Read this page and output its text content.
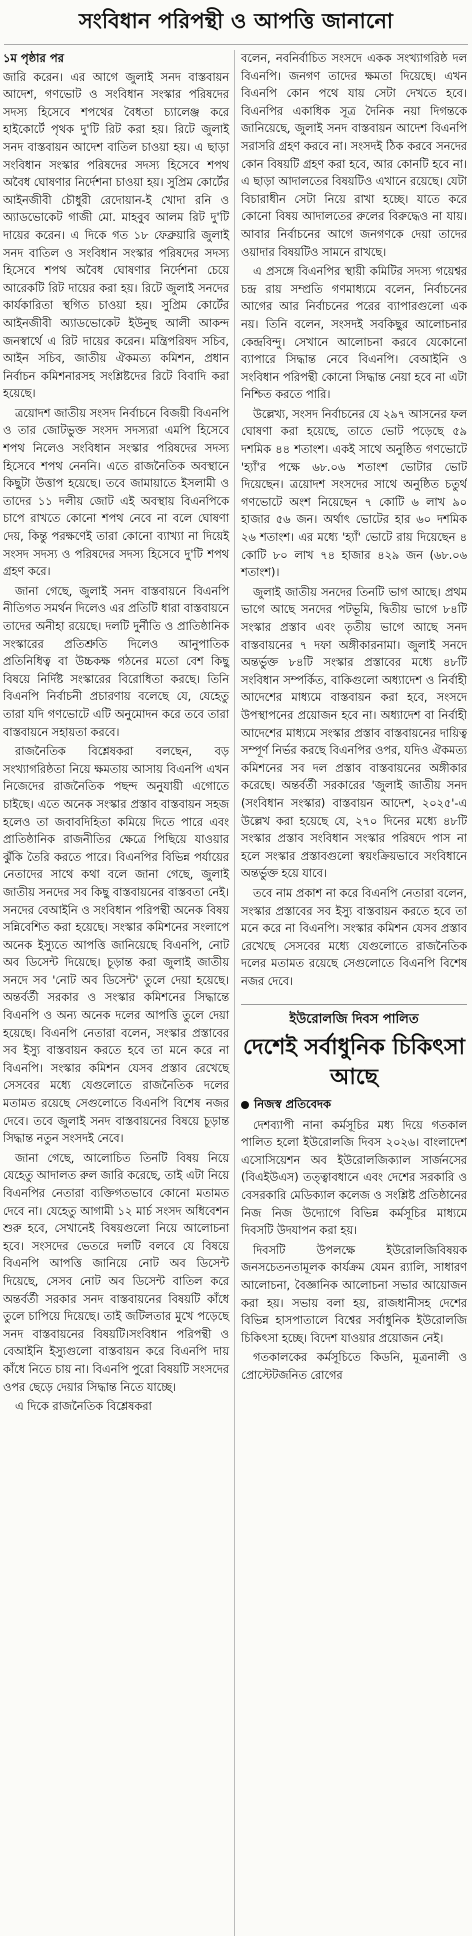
সংবিধান পরিপন্থী ও আপত্তি জানানো
১ম পৃষ্ঠার পর

জারি করেন। এর আগে জুলাই সনদ বাস্তবায়ন আদেশ, গণভোট ও সংবিধান সংস্কার পরিষদের সদস্য হিসেবে শপথের বৈধতা চ্যালেঞ্জ করে হাইকোর্টে পৃথক দু'টি রিট করা হয়। রিটে জুলাই সনদ বাস্তবায়ন আদেশ বাতিল চাওয়া হয়। এ ছাড়া সংবিধান সংস্কার পরিষদের সদস্য হিসেবে শপথ অবৈধ ঘোষণার নির্দেশনা চাওয়া হয়। সুপ্রিম কোর্টের আইনজীবী চৌধুরী রেদোয়ান-ই খোদা রনি ও অ্যাডভোকেট গাজী মো. মাহবুব আলম রিট দু'টি দায়ের করেন। এ দিকে গত ১৮ ফেব্রুয়ারি জুলাই সনদ বাতিল ও সংবিধান সংস্কার পরিষদের সদস্য হিসেবে শপথ অবৈধ ঘোষণার নির্দেশনা চেয়ে আরেকটি রিট দায়ের করা হয়। রিটে জুলাই সনদের কার্যকারিতা স্থগিত চাওয়া হয়। সুপ্রিম কোর্টের আইনজীবী অ্যাডভোকেট ইউনুছ আলী আকন্দ জনস্বার্থে এ রিট দায়ের করেন। মন্ত্রিপরিষদ সচিব, আইন সচিব, জাতীয় ঐকমত্য কমিশন, প্রধান নির্বাচন কমিশনারসহ সংশ্লিষ্টদের রিটে বিবাদি করা হয়েছে।

ত্রয়োদশ জাতীয় সংসদ নির্বাচনে বিজয়ী বিএনপি ও তার জোটভুক্ত সংসদ সদস্যরা এমপি হিসেবে শপথ নিলেও সংবিধান সংস্কার পরিষদের সদস্য হিসেবে শপথ নেননি। এতে রাজনৈতিক অবস্থানে কিছুটা উত্তাপ হয়েছে। তবে জামায়াতে ইসলামী ও তাদের ১১ দলীয় জোট এই অবস্থায় বিএনপিকে চাপে রাখতে কোনো শপথ নেবে না বলে ঘোষণা দেয়, কিন্তু পরক্ষণেই তারা কোনো ব্যাখ্যা না দিয়েই সংসদ সদস্য ও পরিষদের সদস্য হিসেবে দু'টি শপথ গ্রহণ করে।

জানা গেছে, জুলাই সনদ বাস্তবায়নে বিএনপি নীতিগত সমর্থন দিলেও এর প্রতিটি ধারা বাস্তবায়নে তাদের অনীহা রয়েছে। দলটি দুর্নীতি ও প্রাতিষ্ঠানিক সংস্কারের প্রতিশ্রুতি দিলেও আনুপাতিক প্রতিনিধিত্ব বা উচ্চকক্ষ গঠনের মতো বেশ কিছু বিষয়ে নির্দিষ্ট সংস্কারের বিরোধিতা করছে। তিনি বিএনপি নির্বাচনী প্রচারণায় বলেছে যে, যেহেতু তারা যদি গণভোটে এটি অনুমোদন করে তবে তারা বাস্তবায়নে সহায়তা করবে।

রাজনৈতিক বিশ্লেষকরা বলছেন, বড় সংখ্যাগরিষ্ঠতা নিয়ে ক্ষমতায় আসায় বিএনপি এখন নিজেদের রাজনৈতিক পছন্দ অনুযায়ী এগোতে চাইছে। এতে অনেক সংস্কার প্রস্তাব বাস্তবায়ন সহজ হলেও তা জবাবদিহিতা কমিয়ে দিতে পারে এবং প্রাতিষ্ঠানিক রাজনীতির ক্ষেত্রে পিছিয়ে যাওয়ার ঝুঁকি তৈরি করতে পারে। বিএনপির বিভিন্ন পর্যায়ের নেতাদের সাথে কথা বলে জানা গেছে, জুলাই জাতীয় সনদের সব কিছু বাস্তবায়নের বাস্তবতা নেই। সনদের বেআইনি ও সংবিধান পরিপন্থী অনেক বিষয় সন্নিবেশিত করা হয়েছে। সংস্কার কমিশনের সংলাপে অনেক ইস্যুতে আপত্তি জানিয়েছে বিএনপি, নোট অব ডিসেন্ট দিয়েছে। চূড়ান্ত করা জুলাই জাতীয় সনদে সব 'নোট অব ডিসেন্ট' তুলে দেয়া হয়েছে। অন্তর্বর্তী সরকার ও সংস্কার কমিশনের সিদ্ধান্তে বিএনপি ও অন্য অনেক দলের আপত্তি তুলে দেয়া হয়েছে। বিএনপি নেতারা বলেন, সংস্কার প্রস্তাবের সব ইস্যু বাস্তবায়ন করতে হবে তা মনে করে না বিএনপি। সংস্কার কমিশন যেসব প্রস্তাব রেখেছে সেসবের মধ্যে যেগুলোতে রাজনৈতিক দলের মতামত রয়েছে সেগুলোতে বিএনপি বিশেষ নজর দেবে। তবে জুলাই সনদ বাস্তবায়নের বিষয়ে চূড়ান্ত সিদ্ধান্ত নতুন সংসদই নেবে।

জানা গেছে, আলোচিত তিনটি বিষয় নিয়ে যেহেতু আদালত রুল জারি করেছে, তাই এটা নিয়ে বিএনপির নেতারা ব্যক্তিগতভাবে কোনো মতামত দেবে না। যেহেতু আগামী ১২ মার্চ সংসদ অধিবেশন শুরু হবে, সেখানেই বিষয়গুলো নিয়ে আলোচনা হবে। সংসদের ভেতরে দলটি বলবে যে বিষয়ে বিএনপি আপত্তি জানিয়ে নোট অব ডিসেন্ট দিয়েছে, সেসব নোট অব ডিসেন্ট বাতিল করে অন্তর্বর্তী সরকার সনদ বাস্তবায়নের বিষয়টি কাঁধে তুলে চাপিয়ে দিয়েছে। তাই জটিলতার মুখে পড়েছে সনদ বাস্তবায়নের বিষয়টি।সংবিধান পরিপন্থী ও বেআইনি ইস্যুগুলো বাস্তবায়ন করে বিএনপি দায় কাঁধে নিতে চায় না। বিএনপি পুরো বিষয়টি সংসদের ওপর ছেড়ে দেয়ার সিদ্ধান্ত নিতে যাচ্ছে।

এ দিকে রাজনৈতিক বিশ্লেষকরা

বলেন, নবনির্বাচিত সংসদে একক সংখ্যাগরিষ্ঠ দল বিএনপি। জনগণ তাদের ক্ষমতা দিয়েছে। এখন বিএনপি কোন পথে যায় সেটা দেখতে হবে। বিএনপির একাধিক সূত্র দৈনিক নয়া দিগন্তকে জানিয়েছে, জুলাই সনদ বাস্তবায়ন আদেশ বিএনপি সরাসরি গ্রহণ করবে না। সংসদই ঠিক করবে সনদের কোন বিষয়টি গ্রহণ করা হবে, আর কোনটি হবে না। এ ছাড়া আদালতের বিষয়টিও এখানে রয়েছে। যেটা বিচারাধীন সেটা নিয়ে রাখা হচ্ছে। যাতে করে কোনো বিষয় আদালতের রুলের বিরুদ্ধেও না যায়। আবার নির্বাচনের আগে জনগণকে দেয়া তাদের ওয়াদার বিষয়টিও সামনে রাখছে।

এ প্রসঙ্গে বিএনপির স্থায়ী কমিটির সদস্য গয়েশ্বর চন্দ্র রায় সম্প্রতি গণমাধ্যমে বলেন, নির্বাচনের আগের আর নির্বাচনের পরের ব্যাপারগুলো এক নয়। তিনি বলেন, সংসদই সবকিছুর আলোচনার কেন্দ্রবিন্দু। সেখানে আলোচনা করবে যেকোনো ব্যাপারে সিদ্ধান্ত নেবে বিএনপি। বেআইনি ও সংবিধান পরিপন্থী কোনো সিদ্ধান্ত নেয়া হবে না এটা নিশ্চিত করতে পারি।

উল্লেখ্য, সংসদ নির্বাচনের যে ২৯৭ আসনের ফল ঘোষণা করা হয়েছে, তাতে ভোট পড়েছে ৫৯ দশমিক ৪৪ শতাংশ। একই সাথে অনুষ্ঠিত গণভোটে 'হ্যাঁ'র পক্ষে ৬৮.০৬ শতাংশ ভোটার ভোট দিয়েছেন। ত্রয়োদশ সংসদের সাথে অনুষ্ঠিত চতুর্থ গণভোটে অংশ নিয়েছেন ৭ কোটি ৬ লাখ ৯০ হাজার ৫৬ জন। অর্থাৎ ভোটের হার ৬০ দশমিক ২৬ শতাংশ। এর মধ্যে 'হ্যাঁ' ভোটে রায় দিয়েছেন ৪ কোটি ৮০ লাখ ৭৪ হাজার ৪২৯ জন (৬৮.০৬ শতাংশ)।

জুলাই জাতীয় সনদের তিনটি ভাগ আছে। প্রথম ভাগে আছে সনদের পটভূমি, দ্বিতীয় ভাগে ৮৪টি সংস্কার প্রস্তাব এবং তৃতীয় ভাগে আছে সনদ বাস্তবায়নের ৭ দফা অঙ্গীকারনামা। জুলাই সনদে অন্তর্ভুক্ত ৮৪টি সংস্কার প্রস্তাবের মধ্যে ৪৮টি সংবিধান সম্পর্কিত, বাকিগুলো অধ্যাদেশ ও নির্বাহী আদেশের মাধ্যমে বাস্তবায়ন করা হবে, সংসদে উপস্থাপনের প্রয়োজন হবে না। অধ্যাদেশ বা নির্বাহী আদেশের মাধ্যমে সংস্কার প্রস্তাব বাস্তবায়নের দায়িত্ব সম্পূর্ণ নির্ভর করছে বিএনপির ওপর, যদিও ঐকমত্য কমিশনের সব দল প্রস্তাব বাস্তবায়নের অঙ্গীকার করেছে। অন্তর্বর্তী সরকারের 'জুলাই জাতীয় সনদ (সংবিধান সংস্কার) বাস্তবায়ন আদেশ, ২০২৫'-এ উল্লেখ করা হয়েছে যে, ২৭০ দিনের মধ্যে ৪৮টি সংস্কার প্রস্তাব সংবিধান সংস্কার পরিষদে পাস না হলে সংস্কার প্রস্তাবগুলো স্বয়ংক্রিয়ভাবে সংবিধানে অন্তর্ভুক্ত হয়ে যাবে।

তবে নাম প্রকাশ না করে বিএনপি নেতারা বলেন, সংস্কার প্রস্তাবের সব ইস্যু বাস্তবায়ন করতে হবে তা মনে করে না বিএনপি। সংস্কার কমিশন যেসব প্রস্তাব রেখেছে সেসবের মধ্যে যেগুলোতে রাজনৈতিক দলের মতামত রয়েছে সেগুলোতে বিএনপি বিশেষ নজর দেবে।

ইউরোলজি দিবস পালিত
দেশেই সর্বাধুনিক চিকিৎসা আছে
নিজস্ব প্রতিবেদক

দেশব্যাপী নানা কর্মসূচির মধ্য দিয়ে গতকাল পালিত হলো ইউরোলজি দিবস ২০২৬। বাংলাদেশ এসোসিয়েশন অব ইউরোলজিক্যাল সার্জনসের (বিএইউএস) তত্ত্বাবধানে এবং দেশের সরকারি ও বেসরকারি মেডিক্যাল কলেজ ও সংশ্লিষ্ট প্রতিষ্ঠানের নিজ নিজ উদ্যোগে বিভিন্ন কর্মসূচির মাধ্যমে দিবসটি উদযাপন করা হয়।

দিবসটি উপলক্ষে ইউরোলজিবিষয়ক জনসচেতনতামূলক কার্যক্রম যেমন র‌্যালি, সাধারণ আলোচনা, বৈজ্ঞানিক আলোচনা সভার আয়োজন করা হয়। সভায় বলা হয়, রাজধানীসহ দেশের বিভিন্ন হাসপাতালে বিশ্বের সর্বাধুনিক ইউরোলজি চিকিৎসা হচ্ছে। বিদেশ যাওয়ার প্রয়োজন নেই।

গতকালকের কর্মসূচিতে কিডনি, মূত্রনালী ও প্রোস্টেটজনিত রোগের
